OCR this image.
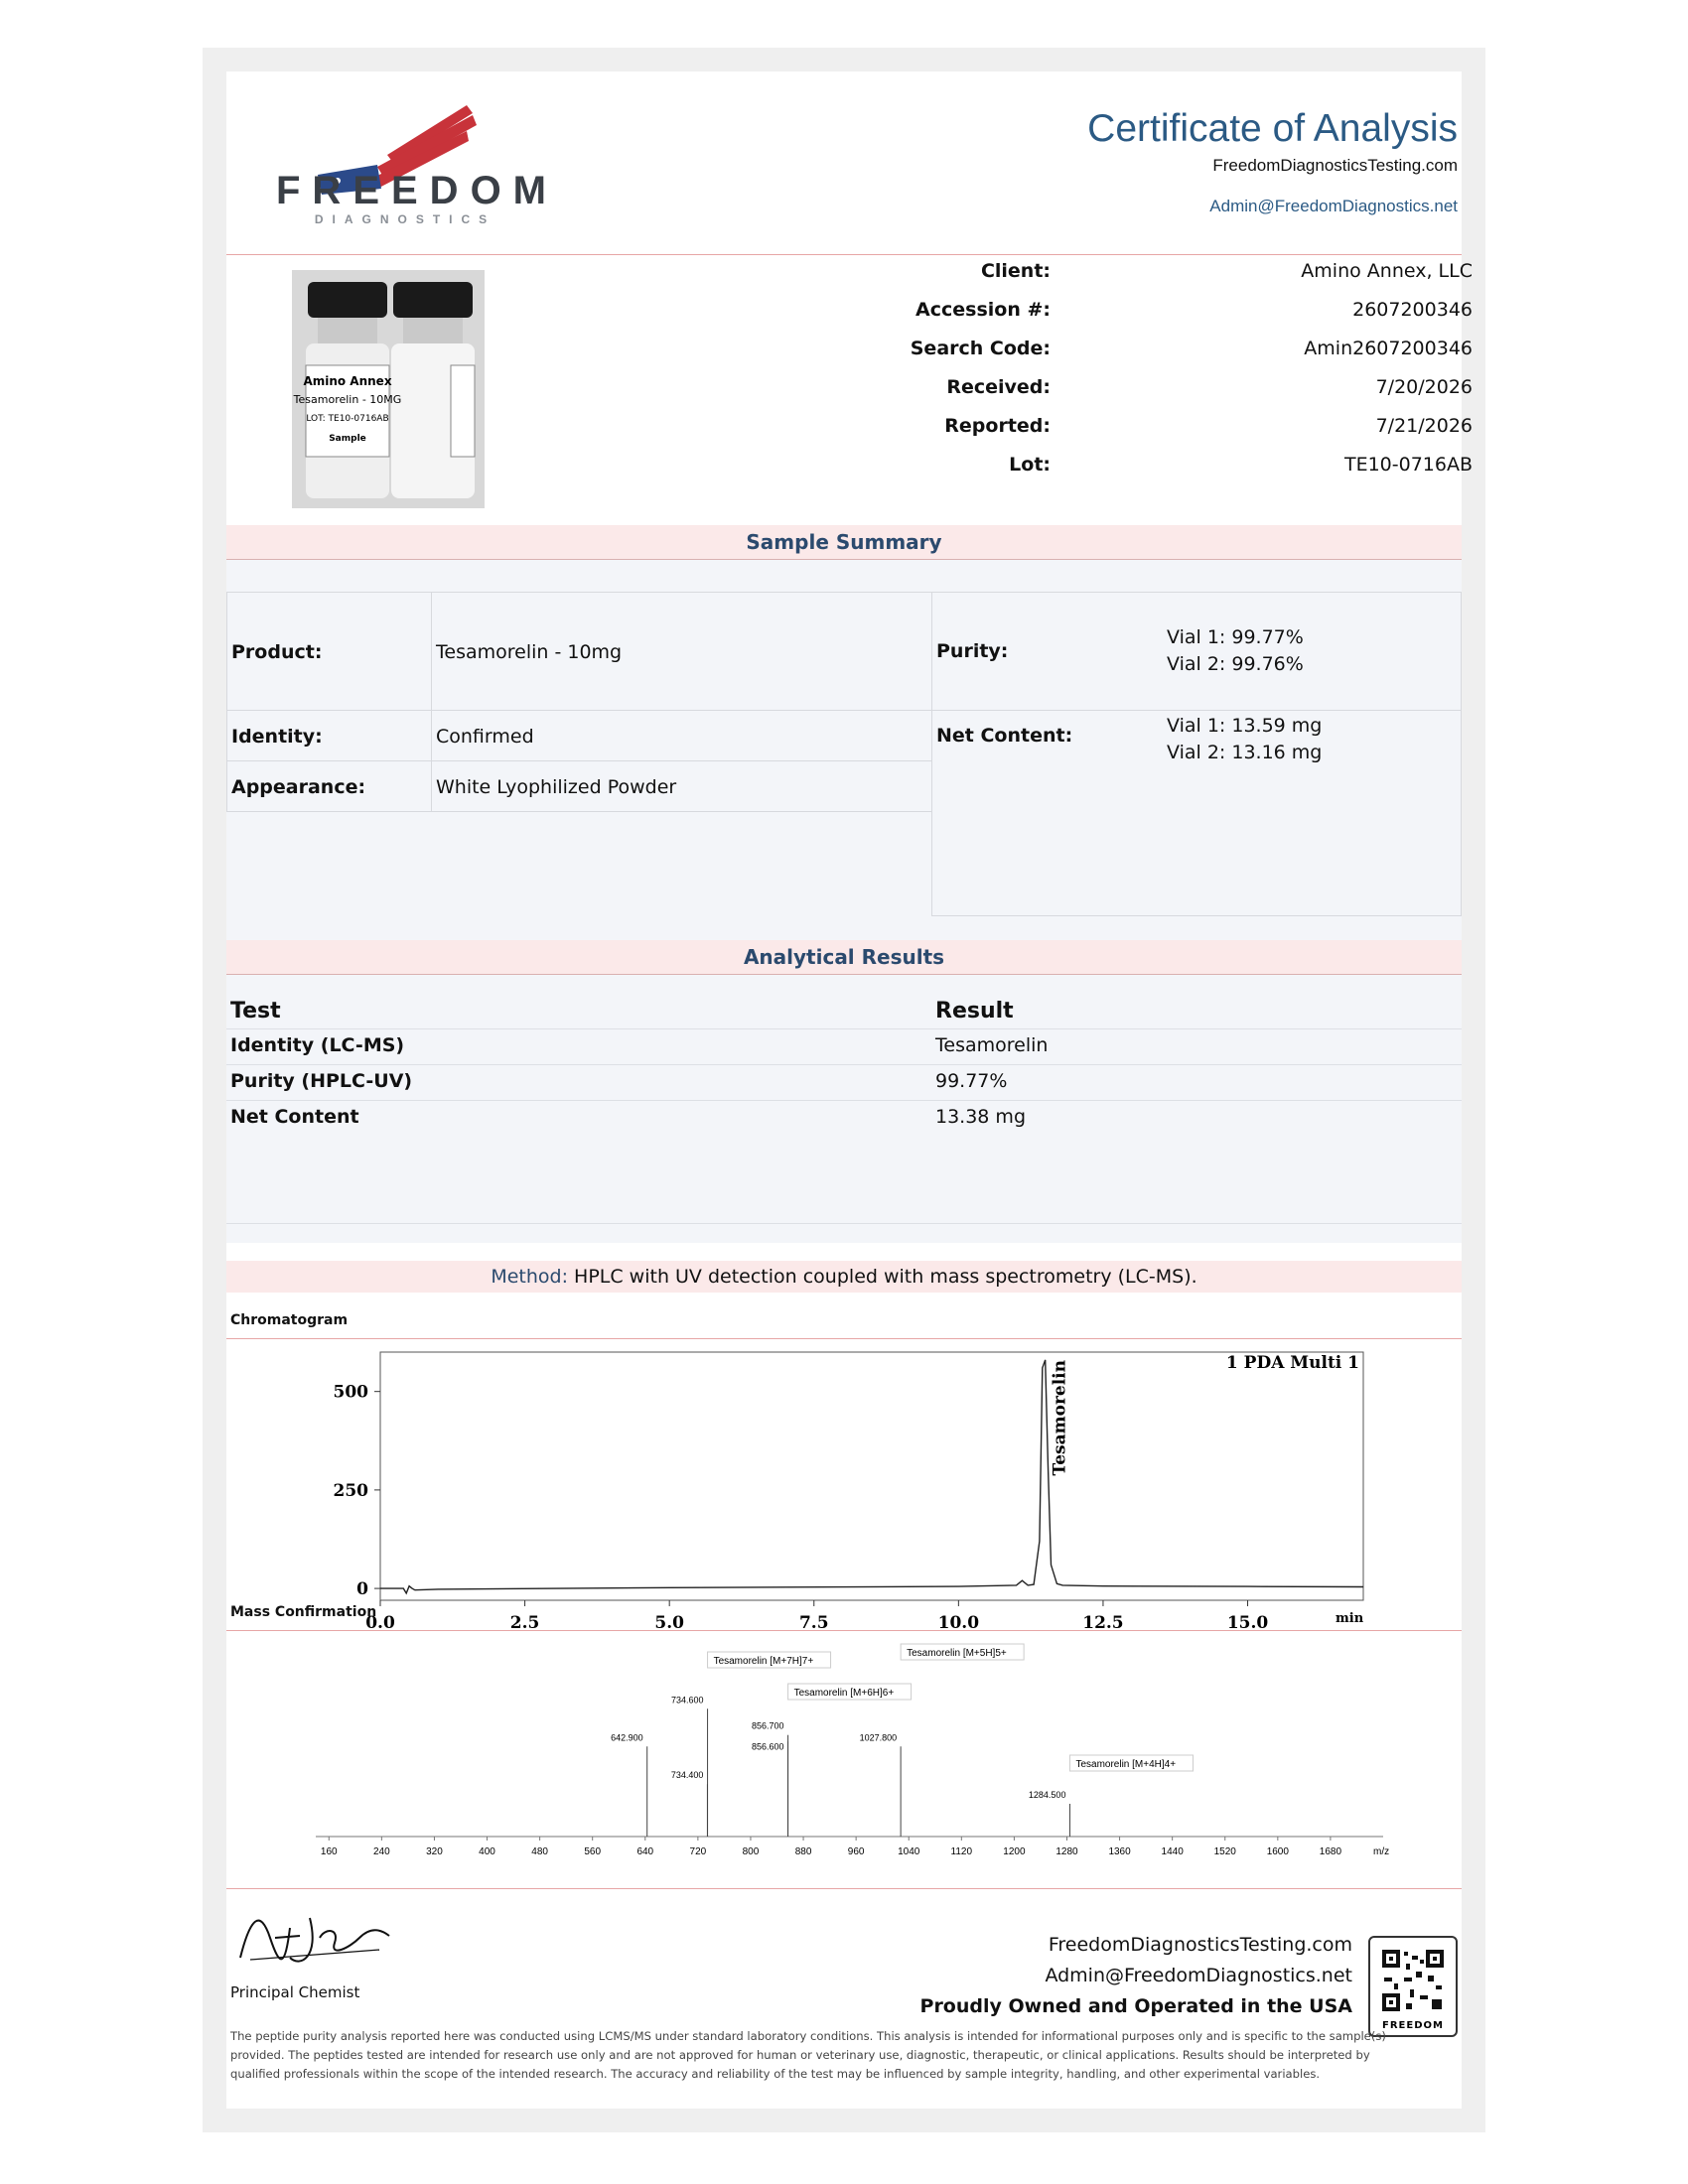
FREEDOM
DIAGNOSTICS
Certificate of Analysis
FreedomDiagnosticsTesting.com
Admin@FreedomDiagnostics.net
Amino Annex
Tesamorelin - 10MG
LOT: TE10-0716AB
Sample
Client:	Amino Annex, LLC
Accession #:	2607200346
Search Code:	Amin2607200346
Received:	7/20/2026
Reported:	7/21/2026
Lot:	TE10-0716AB
Sample Summary
Product:	Tesamorelin - 10mg
Identity:	Confirmed
Appearance:	White Lyophilized Powder
Purity:
Vial 1: 99.77%
Vial 2: 99.76%
Net Content:	Vial 1: 13.59 mg
Vial 2: 13.16 mg
Analytical Results
Test	Result
Identity (LC-MS)	Tesamorelin
Purity (HPLC-UV)	99.77%
Net Content	13.38 mg
Method: HPLC with UV detection coupled with mass spectrometry (LC-MS).
Chromatogram
0
250
500
0.0	2.5	5.0	7.5	10.0	12.5	15.0	min
1 PDA Multi 1
Tesamorelin
Mass Confirmation
160	240	320	400	480	560	640	720	800	880	960	1040	1120	1200	1280	1360	1440	1520	1600	1680	m/z
642.900
734.600
734.400
856.700
856.600
1027.800
1284.500
Tesamorelin [M+7H]7+
Tesamorelin [M+5H]5+
Tesamorelin [M+6H]6+
Tesamorelin [M+4H]4+
Principal Chemist
FreedomDiagnosticsTesting.com
Admin@FreedomDiagnostics.net
Proudly Owned and Operated in the USA
FREEDOM
The peptide purity analysis reported here was conducted using LCMS/MS under standard laboratory conditions. This analysis is intended for informational purposes only and is specific to the sample(s) provided. The peptides tested are intended for research use only and are not approved for human or veterinary use, diagnostic, therapeutic, or clinical applications. Results should be interpreted by qualified professionals within the scope of the intended research. The accuracy and reliability of the test may be influenced by sample integrity, handling, and other experimental variables.
